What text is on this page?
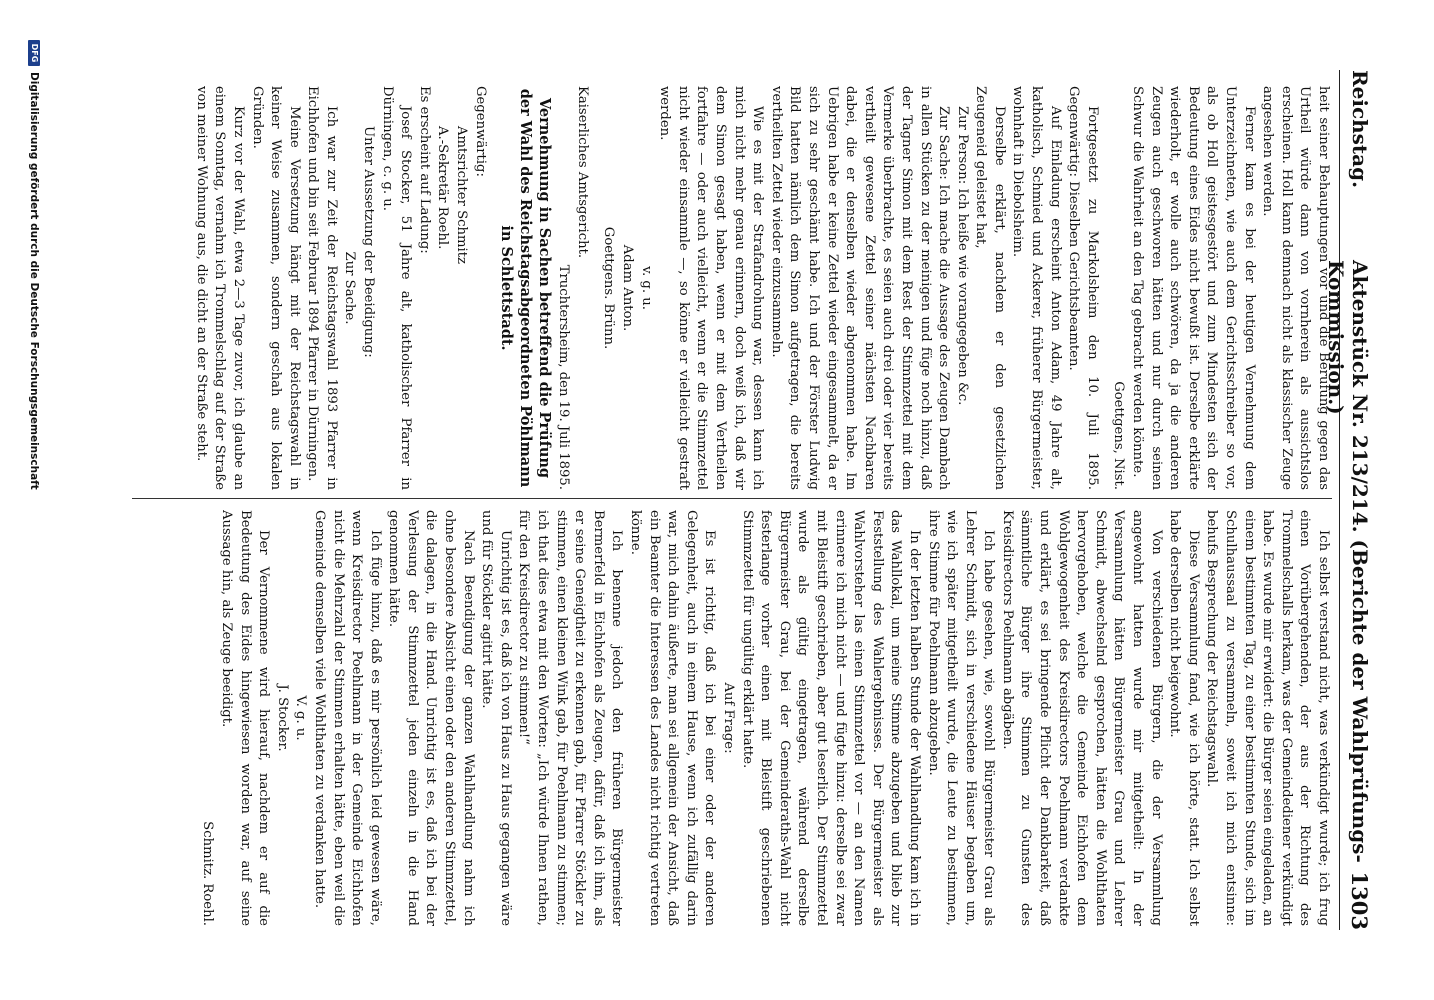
Reichstag.
Aktenstück Nr. 213/214. (Berichte der Wahlprüfungs-Kommission.)
1303

heit seiner Behauptungen vor und die Berufung gegen das Urtheil würde dann von vornherein als aussichtslos erscheinen. Holl kann demnach nicht als klassischer Zeuge angesehen werden.

Ferner kam es bei der heutigen Vernehmung dem Unterzeichneten, wie auch dem Gerichtsschreiber so vor, als ob Holl geistesgestört und zum Mindesten sich der Bedeutung eines Eides nicht bewußt ist. Derselbe erklärte wiederholt, er wolle auch schwören, da ja die anderen Zeugen auch geschworen hätten und nur durch seinen Schwur die Wahrheit an den Tag gebracht werden könnte.

Goettgens, Nist.

Fortgesetzt zu Markolsheim den 10. Juli 1895. Gegenwärtig: Dieselben Gerichtsbeamten.

Auf Einladung erscheint Anton Adam, 49 Jahre alt, katholisch, Schmied und Ackerer, früherer Bürgermeister, wohnhaft in Diebolsheim.

Derselbe erklärt, nachdem er den gesetzlichen Zeugeneid geleistet hat,

Zur Person: Ich heiße wie vorangegeben &c.

Zur Sache: Ich mache die Aussage des Zeugen Dambach in allen Stücken zu der meinigen und füge noch hinzu, daß der Tagner Simon mit dem Rest der Stimmzettel mit dem Vermerke überbrachte, es seien auch drei oder vier bereits vertheilt gewesene Zettel seiner nächsten Nachbaren dabei, die er denselben wieder abgenommen habe. Im Uebrigen habe er keine Zettel wieder eingesammelt, da er sich zu sehr geschämt habe. Ich und der Förster Ludwig Bild hatten nämlich dem Simon aufgetragen, die bereits vertheilten Zettel wieder einzusammeln.

Wie es mit der Strafandrohung war, dessen kann ich mich nicht mehr genau erinnern, doch weiß ich, daß wir dem Simon gesagt haben, wenn er mit dem Vertheilen fortfahre — oder auch vielleicht, wenn er die Stimmzettel nicht wieder einsammle —, so könne er vielleicht gestraft werden.

v. g. u.

Adam Anton.

Goettgens. Brünn.

Kaiserliches Amtsgericht.

Truchtersheim, den 19. Juli 1895.

Vernehmung in Sachen betreffend die Prüfung der Wahl des Reichstagsabgeordneten Pöhlmann in Schlettstadt.

Gegenwärtig:

Amtsrichter Schmitz

A.-Sekretär Roehl.

Es erscheint auf Ladung:

Josef Stocker, 51 Jahre alt, katholischer Pfarrer in Dürningen, c. g. u.

Unter Aussetzung der Beeidigung:

Zur Sache.

Ich war zur Zeit der Reichstagswahl 1893 Pfarrer in Eichhofen und bin seit Februar 1894 Pfarrer in Dürningen.

Meine Versetzung hängt mit der Reichstagswahl in keiner Weise zusammen, sondern geschah aus lokalen Gründen.

Kurz vor der Wahl, etwa 2—3 Tage zuvor, ich glaube an einem Sonntag, vernahm ich Trommelschlag auf der Straße von meiner Wohnung aus, die dicht an der Straße steht.

Ich selbst verstand nicht, was verkündigt wurde; ich frug einen Vorübergehenden, der aus der Richtung des Trommelschalls herkam, was der Gemeindediener verkündigt habe. Es wurde mir erwidert: die Bürger seien eingeladen, an einem bestimmten Tag, zu einer bestimmten Stunde, sich im Schulhaussaal zu versammeln, soweit ich mich entsinne: behufs Besprechung der Reichstagswahl.

Diese Versammlung fand, wie ich hörte, statt. Ich selbst habe derselben nicht beigewohnt.

Von verschiedenen Bürgern, die der Versammlung angewohnt hatten wurde mir mitgetheilt: In der Versammlung hätten Bürgermeister Grau und Lehrer Schmidt, abwechselnd gesprochen, hätten die Wohlthaten hervorgehoben, welche die Gemeinde Eichhofen dem Wohlgewogenheit des Kreisdirectors Poehlmann verdankte und erklärt, es sei bringende Pflicht der Dankbarkeit, daß sämmtliche Bürger ihre Stimmen zu Gunsten des Kreisdirectors Poehlmann abgäben.

Ich habe gesehen, wie, sowohl Bürgermeister Grau als Lehrer Schmidt, sich in verschiedene Häuser begaben um, wie ich später mitgetheilt wurde, die Leute zu bestimmen, ihre Stimme für Poehlmann abzugeben.

In der letzten halben Stunde der Wahlhandlung kam ich in das Wahllokal, um meine Stimme abzugeben und blieb zur Feststellung des Wahlergebnisses. Der Bürgermeister als Wahlvorsteher las einen Stimmzettel vor — an den Namen erinnere ich mich nicht — und fügte hinzu: derselbe sei zwar mit Bleistift geschrieben, aber gut leserlich. Der Stimmzettel wurde als gültig eingetragen, während derselbe Bürgermeister Grau, bei der Gemeinderaths-Wahl nicht festerlange vorher einen mit Bleistift geschriebenen Stimmzettel für ungültig erklärt hatte.

Auf Frage:

Es ist richtig, daß ich bei einer oder der anderen Gelegenheit, auch in einem Hause, wenn ich zufällig darin war, mich dahin äußerte, man sei allgemein der Ansicht, daß ein Beamter die Interessen des Landes nicht richtig vertreten könne.

Ich benenne jedoch den früheren Bürgermeister Bermerfeld in Eichhofen als Zeugen, dafür, daß ich ihm, als er seine Geneigtheit zu erkennen gab, für Pfarrer Stöckler zu stimmen, einen kleinen Wink gab, für Poehlmann zu stimmen; ich that dies etwa mit den Worten: „Ich würde Ihnen rathen, für den Kreisdirector zu stimmen!“

Unrichtig ist es, daß ich von Haus zu Haus gegangen wäre und für Stöckler agitirt hätte.

Nach Beendigung der ganzen Wahlhandlung nahm ich ohne besondere Absicht einen oder den anderen Stimmzettel, die dalagen, in die Hand. Unrichtig ist es, daß ich bei der Verlesung der Stimmzettel jeden einzeln in die Hand genommen hätte.

Ich füge hinzu, daß es mir persönlich leid gewesen wäre, wenn Kreisdirector Poehlmann in der Gemeinde Eichhofen nicht die Mehrzahl der Stimmen erhalten hätte, eben weil die Gemeinde demselben viele Wohlthaten zu verdanken hatte.

V. g. u.

J. Stocker.

Der Vernommene wird hierauf, nachdem er auf die Bedeutung des Eides hingewiesen worden war, auf seine Aussage hin, als Zeuge beeidigt.

Schmitz. Roehl.

DFG
Digitalisierung gefördert durch die Deutsche Forschungsgemeinschaft
